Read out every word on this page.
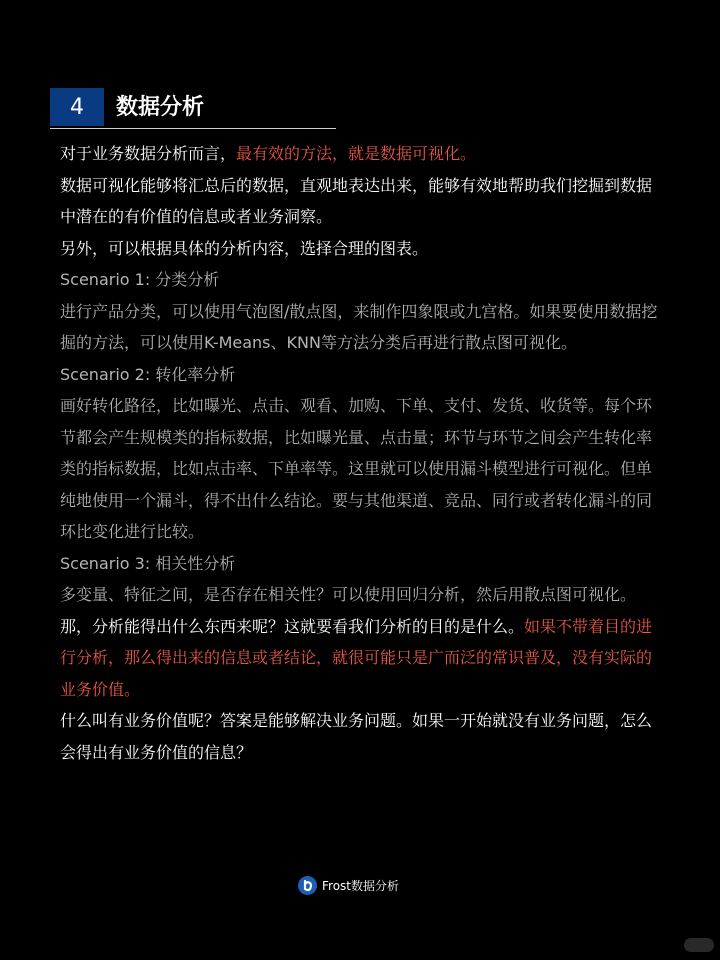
4 数据分析

对于业务数据分析而言，最有效的方法，就是数据可视化。

数据可视化能够将汇总后的数据，直观地表达出来，能够有效地帮助我们挖掘到数据中潜在的有价值的信息或者业务洞察。

另外，可以根据具体的分析内容，选择合理的图表。

Scenario 1: 分类分析

进行产品分类，可以使用气泡图/散点图，来制作四象限或九宫格。如果要使用数据挖掘的方法，可以使用K-Means、KNN等方法分类后再进行散点图可视化。

Scenario 2: 转化率分析

画好转化路径，比如曝光、点击、观看、加购、下单、支付、发货、收货等。每个环节都会产生规模类的指标数据，比如曝光量、点击量；环节与环节之间会产生转化率类的指标数据，比如点击率、下单率等。这里就可以使用漏斗模型进行可视化。但单纯地使用一个漏斗，得不出什么结论。要与其他渠道、竞品、同行或者转化漏斗的同环比变化进行比较。

Scenario 3: 相关性分析

多变量、特征之间，是否存在相关性？可以使用回归分析，然后用散点图可视化。

那，分析能得出什么东西来呢？这就要看我们分析的目的是什么。如果不带着目的进行分析，那么得出来的信息或者结论，就很可能只是广而泛的常识普及，没有实际的业务价值。

什么叫有业务价值呢？答案是能够解决业务问题。如果一开始就没有业务问题，怎么会得出有业务价值的信息？

Frost数据分析
